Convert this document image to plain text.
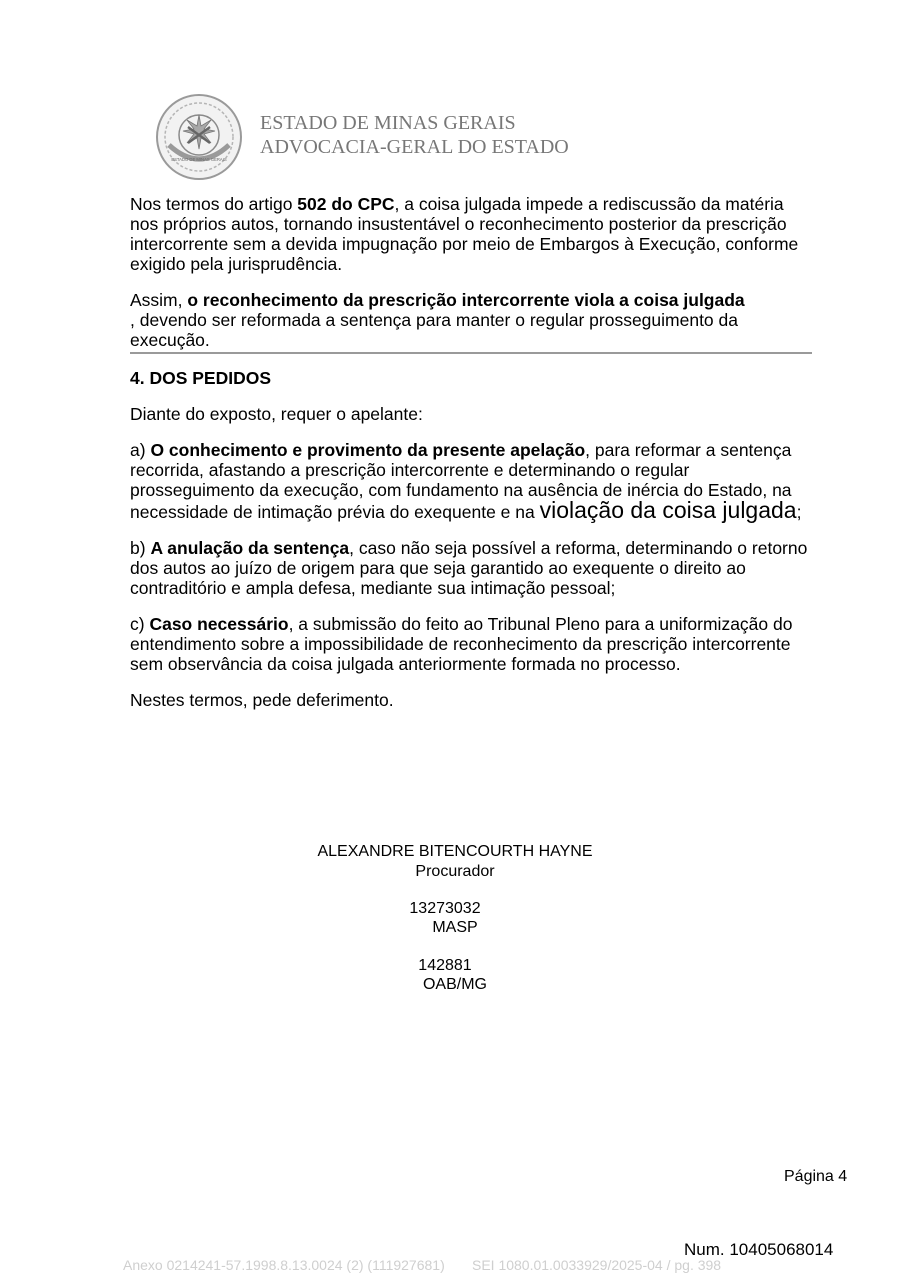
ESTADO DE MINAS GERAIS
ESTADO DE MINAS GERAIS
ADVOCACIA-GERAL DO ESTADO

Nos termos do artigo 502 do CPC, a coisa julgada impede a rediscussão da matéria nos próprios autos, tornando insustentável o reconhecimento posterior da prescrição intercorrente sem a devida impugnação por meio de Embargos à Execução, conforme exigido pela jurisprudência.

Assim, o reconhecimento da prescrição intercorrente viola a coisa julgada
, devendo ser reformada a sentença para manter o regular prosseguimento da execução.

4. DOS PEDIDOS

Diante do exposto, requer o apelante:

a) O conhecimento e provimento da presente apelação, para reformar a sentença recorrida, afastando a prescrição intercorrente e determinando o regular prosseguimento da execução, com fundamento na ausência de inércia do Estado, na necessidade de intimação prévia do exequente e na violação da coisa julgada;

b) A anulação da sentença, caso não seja possível a reforma, determinando o retorno dos autos ao juízo de origem para que seja garantido ao exequente o direito ao contraditório e ampla defesa, mediante sua intimação pessoal;

c) Caso necessário, a submissão do feito ao Tribunal Pleno para a uniformização do entendimento sobre a impossibilidade de reconhecimento da prescrição intercorrente sem observância da coisa julgada anteriormente formada no processo.

Nestes termos, pede deferimento.

ALEXANDRE BITENCOURTH HAYNE
Procurador
13273032
MASP
142881
OAB/MG
Página 4
Num. 10405068014
Anexo 0214241-57.1998.8.13.0024 (2) (111927681) SEI 1080.01.0033929/2025-04 / pg. 398
